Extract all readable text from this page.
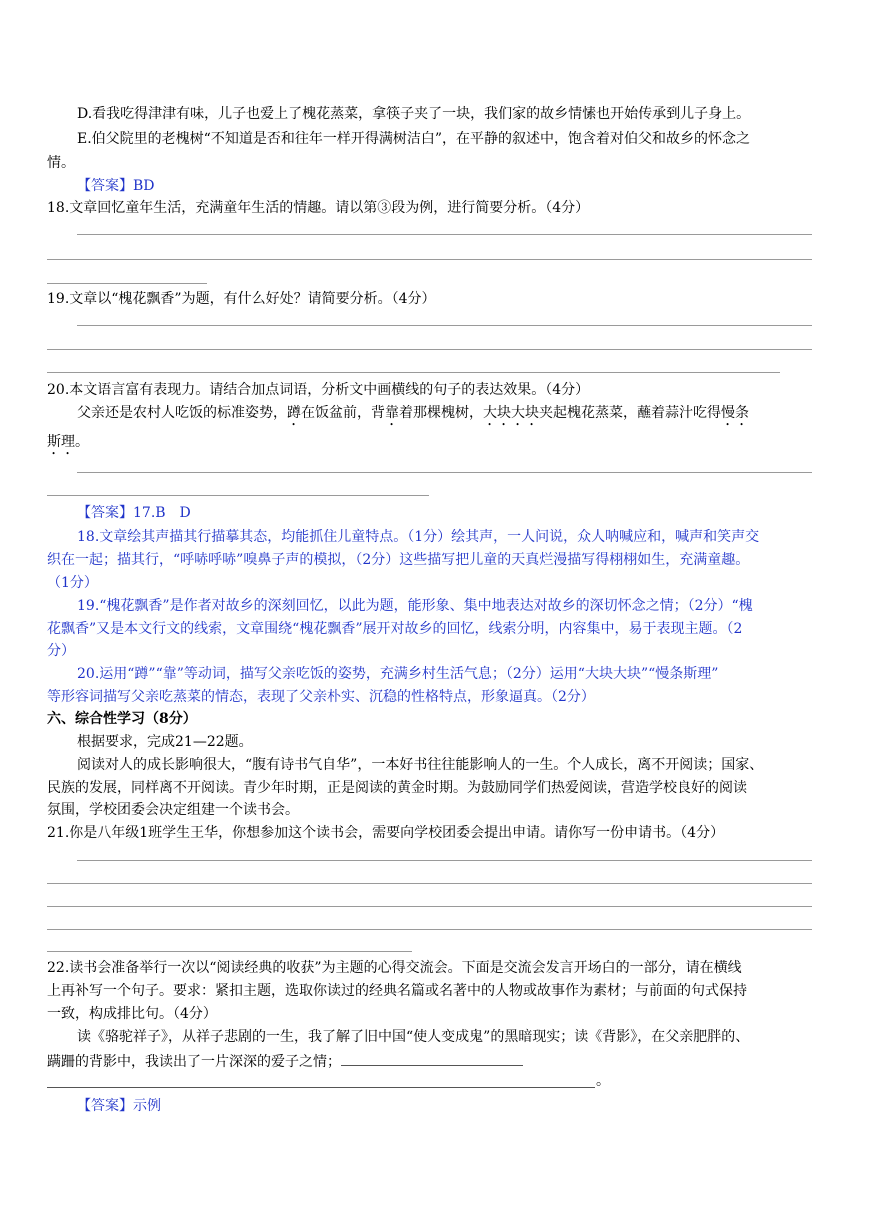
D.看我吃得津津有味，儿子也爱上了槐花蒸菜，拿筷子夹了一块，我们家的故乡情愫也开始传承到儿子身上。

E.伯父院里的老槐树“不知道是否和往年一样开得满树洁白”，在平静的叙述中，饱含着对伯父和故乡的怀念之

情。

【答案】BD

18.文章回忆童年生活，充满童年生活的情趣。请以第③段为例，进行简要分析。（4分）

19.文章以“槐花飘香”为题，有什么好处？请简要分析。（4分）

20.本文语言富有表现力。请结合加点词语，分析文中画横线的句子的表达效果。（4分）

父亲还是农村人吃饭的标准姿势，蹲在饭盆前，背靠着那棵槐树，大块大块夹起槐花蒸菜，蘸着蒜汁吃得慢条

斯理。

【答案】17.B　D

18.文章绘其声描其行描摹其态，均能抓住儿童特点。（1分）绘其声，一人问说，众人呐喊应和，喊声和笑声交

织在一起；描其行，“呼哧呼哧”嗅鼻子声的模拟，（2分）这些描写把儿童的天真烂漫描写得栩栩如生，充满童趣。

（1分）

19.“槐花飘香”是作者对故乡的深刻回忆，以此为题，能形象、集中地表达对故乡的深切怀念之情；（2分）“槐

花飘香”又是本文行文的线索，文章围绕“槐花飘香”展开对故乡的回忆，线索分明，内容集中，易于表现主题。（2

分）

20.运用“蹲”“靠”等动词，描写父亲吃饭的姿势，充满乡村生活气息；（2分）运用“大块大块”“慢条斯理”

等形容词描写父亲吃蒸菜的情态，表现了父亲朴实、沉稳的性格特点，形象逼真。（2分）

六、综合性学习（8分）

根据要求，完成21—22题。

阅读对人的成长影响很大，“腹有诗书气自华”，一本好书往往能影响人的一生。个人成长，离不开阅读；国家、

民族的发展，同样离不开阅读。青少年时期，正是阅读的黄金时期。为鼓励同学们热爱阅读，营造学校良好的阅读

氛围，学校团委会决定组建一个读书会。

21.你是八年级1班学生王华，你想参加这个读书会，需要向学校团委会提出申请。请你写一份申请书。（4分）

22.读书会准备举行一次以“阅读经典的收获”为主题的心得交流会。下面是交流会发言开场白的一部分，请在横线

上再补写一个句子。要求：紧扣主题，选取你读过的经典名篇或名著中的人物或故事作为素材；与前面的句式保持

一致，构成排比句。（4分）

读《骆驼祥子》，从祥子悲剧的一生，我了解了旧中国“使人变成鬼”的黑暗现实；读《背影》，在父亲肥胖的、

蹒跚的背影中，我读出了一片深深的爱子之情；

。

【答案】示例
